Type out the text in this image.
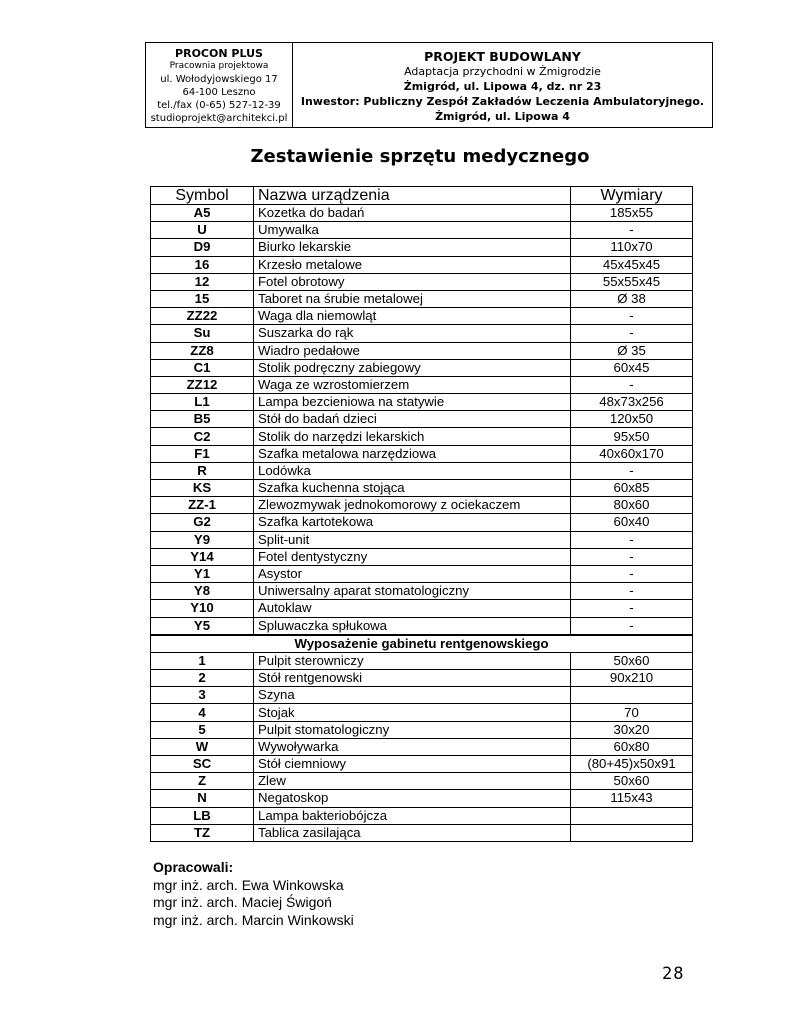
PROCON PLUS
Pracownia projektowa
ul. Wołodyjowskiego 17
64-100 Leszno
tel./fax (0-65) 527-12-39
studioprojekt@architekci.pl
PROJEKT BUDOWLANY
Adaptacja przychodni w Żmigrodzie
Żmigród, ul. Lipowa 4, dz. nr 23
Inwestor: Publiczny Zespół Zakładów Leczenia Ambulatoryjnego.
Żmigród, ul. Lipowa 4
Zestawienie sprzętu medycznego
Symbol	Nazwa urządzenia	Wymiary
A5	Kozetka do badań	185x55
U	Umywalka	-
D9	Biurko lekarskie	110x70
16	Krzesło metalowe	45x45x45
12	Fotel obrotowy	55x55x45
15	Taboret na śrubie metalowej	Ø 38
ZZ22	Waga dla niemowląt	-
Su	Suszarka do rąk	-
ZZ8	Wiadro pedałowe	Ø 35
C1	Stolik podręczny zabiegowy	60x45
ZZ12	Waga ze wzrostomierzem	-
L1	Lampa bezcieniowa na statywie	48x73x256
B5	Stół do badań dzieci	120x50
C2	Stolik do narzędzi lekarskich	95x50
F1	Szafka metalowa narzędziowa	40x60x170
R	Lodówka	-
KS	Szafka kuchenna stojąca	60x85
ZZ-1	Zlewozmywak jednokomorowy z ociekaczem	80x60
G2	Szafka kartotekowa	60x40
Y9	Split-unit	-
Y14	Fotel dentystyczny	-
Y1	Asystor	-
Y8	Uniwersalny aparat stomatologiczny	-
Y10	Autoklaw	-
Y5	Spluwaczka spłukowa	-
Wyposażenie gabinetu rentgenowskiego		
1	Pulpit sterowniczy	50x60
2	Stół rentgenowski	90x210
3	Szyna	
4	Stojak	70
5	Pulpit stomatologiczny	30x20
W	Wywoływarka	60x80
SC	Stół ciemniowy	(80+45)x50x91
Z	Zlew	50x60
N	Negatoskop	115x43
LB	Lampa bakteriobójcza	
TZ	Tablica zasilająca	
Opracowali:
mgr inż. arch. Ewa Winkowska
mgr inż. arch. Maciej Świgoń
mgr inż. arch. Marcin Winkowski
28
